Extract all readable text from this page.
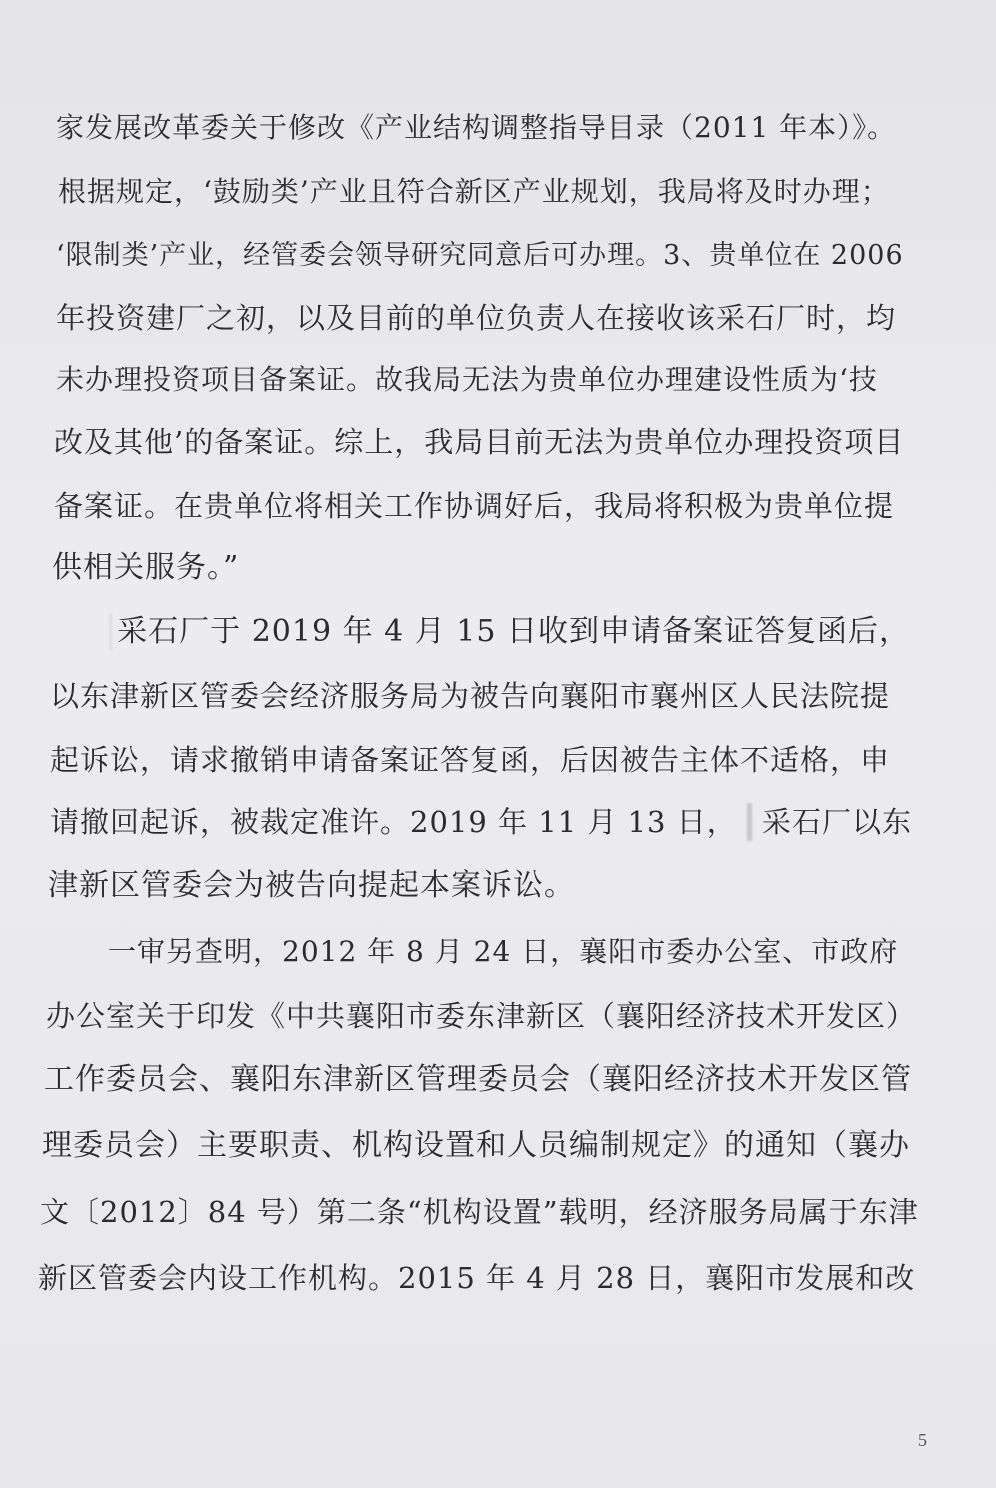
家发展改革委关于修改《产业结构调整指导目录（2011 年本）》。
根据规定，‘鼓励类’产业且符合新区产业规划，我局将及时办理；
‘限制类’产业，经管委会领导研究同意后可办理。3、贵单位在 2006
年投资建厂之初，以及目前的单位负责人在接收该采石厂时，均
未办理投资项目备案证。故我局无法为贵单位办理建设性质为‘技
改及其他’的备案证。综上，我局目前无法为贵单位办理投资项目
备案证。在贵单位将相关工作协调好后，我局将积极为贵单位提
供相关服务。”
采石厂于 2019 年 4 月 15 日收到申请备案证答复函后，
以东津新区管委会经济服务局为被告向襄阳市襄州区人民法院提
起诉讼，请求撤销申请备案证答复函，后因被告主体不适格，申
请撤回起诉，被裁定准许。2019 年 11 月 13 日， 采石厂以东
津新区管委会为被告向提起本案诉讼。
一审另查明，2012 年 8 月 24 日，襄阳市委办公室、市政府
办公室关于印发《中共襄阳市委东津新区（襄阳经济技术开发区）
工作委员会、襄阳东津新区管理委员会（襄阳经济技术开发区管
理委员会）主要职责、机构设置和人员编制规定》的通知（襄办
文〔2012〕84 号）第二条“机构设置”载明，经济服务局属于东津
新区管委会内设工作机构。2015 年 4 月 28 日，襄阳市发展和改
5
